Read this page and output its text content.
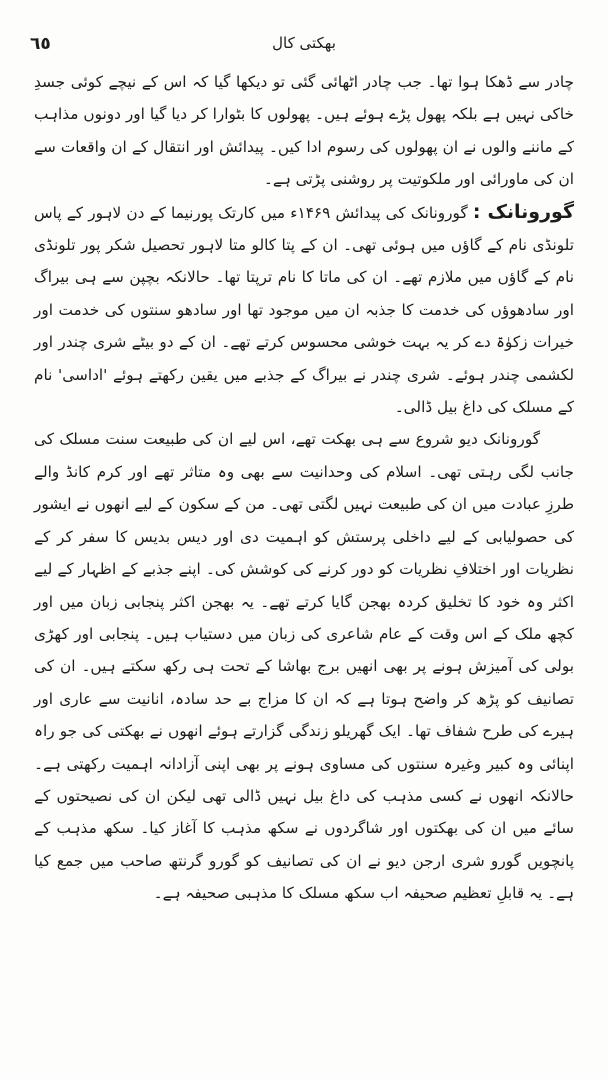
٦٥	بھکتی کال

چادر سے ڈھکا ہوا تھا۔ جب چادر اٹھائی گئی تو دیکھا گیا کہ اس کے نیچے کوئی جسدِ خاکی نہیں ہے بلکہ پھول پڑے ہوئے ہیں۔ پھولوں کا بٹوارا کر دیا گیا اور دونوں مذاہب کے ماننے والوں نے ان پھولوں کی رسوم ادا کیں۔ پیدائش اور انتقال کے ان واقعات سے ان کی ماورائی اور ملکوتیت پر روشنی پڑتی ہے۔

گورونانک : گورونانک کی پیدائش ۱۴۶۹ء میں کارتک پورنیما کے دن لاہور کے پاس تلونڈی نام کے گاؤں میں ہوئی تھی۔ ان کے پتا کالو متا لاہور تحصیل شکر پور تلونڈی نام کے گاؤں میں ملازم تھے۔ ان کی ماتا کا نام ترپتا تھا۔ حالانکہ بچپن سے ہی بیراگ اور سادھوؤں کی خدمت کا جذبہ ان میں موجود تھا اور سادھو سنتوں کی خدمت اور خیرات زکوٰۃ دے کر یہ بہت خوشی محسوس کرتے تھے۔ ان کے دو بیٹے شری چندر اور لکشمی چندر ہوئے۔ شری چندر نے بیراگ کے جذبے میں یقین رکھتے ہوئے 'اداسی' نام کے مسلک کی داغ بیل ڈالی۔

گورونانک دیو شروع سے ہی بھکت تھے، اس لیے ان کی طبیعت سنت مسلک کی جانب لگی رہتی تھی۔ اسلام کی وحدانیت سے بھی وہ متاثر تھے اور کرم کانڈ والے طرزِ عبادت میں ان کی طبیعت نہیں لگتی تھی۔ من کے سکون کے لیے انھوں نے ایشور کی حصولیابی کے لیے داخلی پرستش کو اہمیت دی اور دیس بدیس کا سفر کر کے نظریات اور اختلافِ نظریات کو دور کرنے کی کوشش کی۔ اپنے جذبے کے اظہار کے لیے اکثر وہ خود کا تخلیق کردہ بھجن گایا کرتے تھے۔ یہ بھجن اکثر پنجابی زبان میں اور کچھ ملک کے اس وقت کے عام شاعری کی زبان میں دستیاب ہیں۔ پنجابی اور کھڑی بولی کی آمیزش ہونے پر بھی انھیں برج بھاشا کے تحت ہی رکھ سکتے ہیں۔ ان کی تصانیف کو پڑھ کر واضح ہوتا ہے کہ ان کا مزاج بے حد سادہ، انانیت سے عاری اور ہیرے کی طرح شفاف تھا۔ ایک گھریلو زندگی گزارتے ہوئے انھوں نے بھکتی کی جو راہ اپنائی وہ کبیر وغیرہ سنتوں کی مساوی ہونے پر بھی اپنی آزادانہ اہمیت رکھتی ہے۔ حالانکہ انھوں نے کسی مذہب کی داغ بیل نہیں ڈالی تھی لیکن ان کی نصیحتوں کے سائے میں ان کی بھکتوں اور شاگردوں نے سکھ مذہب کا آغاز کیا۔ سکھ مذہب کے پانچویں گورو شری ارجن دیو نے ان کی تصانیف کو گورو گرنتھ صاحب میں جمع کیا ہے۔ یہ قابلِ تعظیم صحیفہ اب سکھ مسلک کا مذہبی صحیفہ ہے۔
